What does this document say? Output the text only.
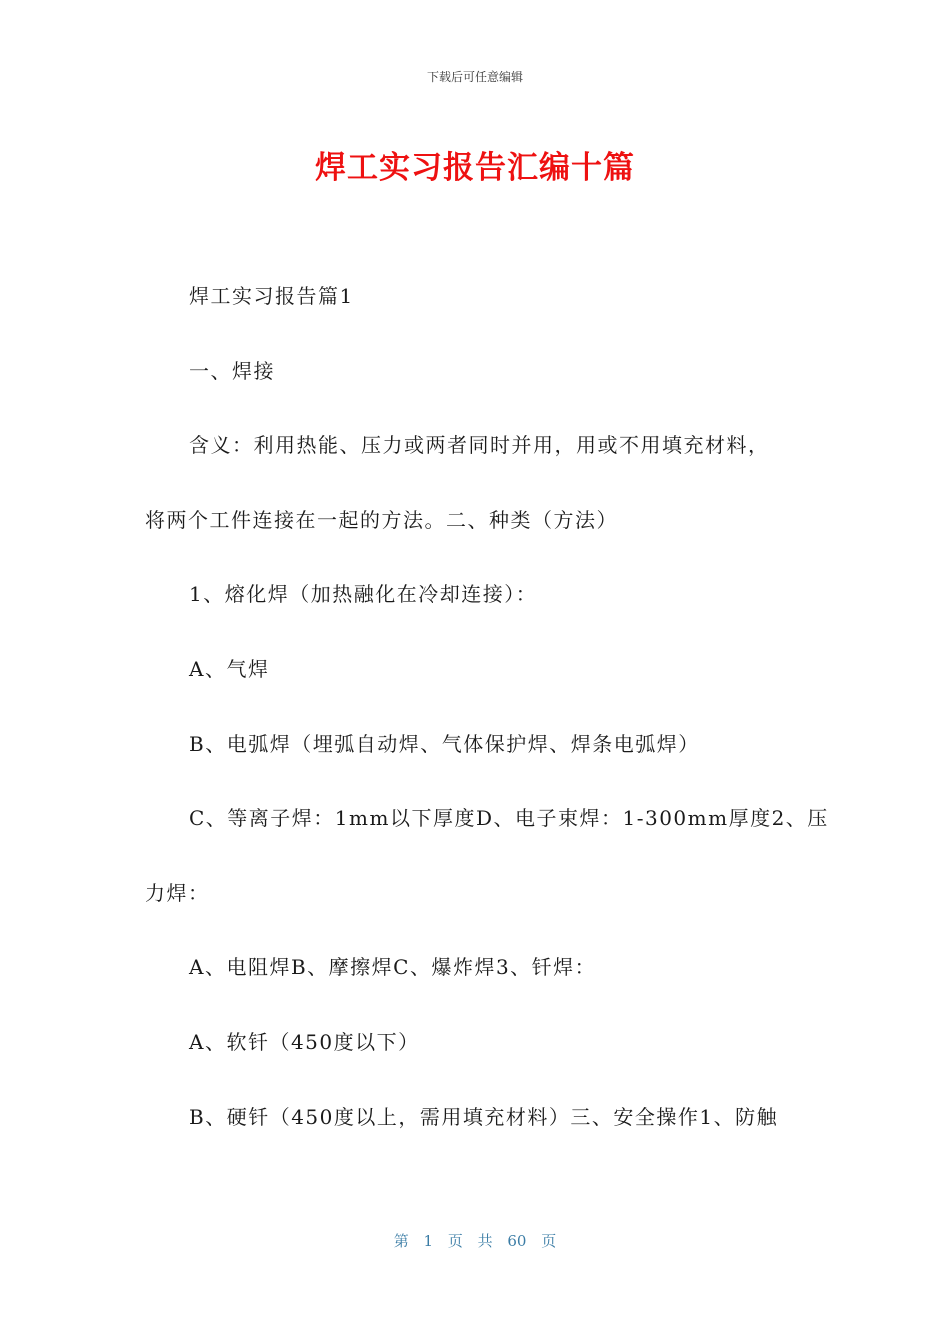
下载后可任意编辑
焊工实习报告汇编十篇

焊工实习报告篇1

一、焊接

含义：利用热能、压力或两者同时并用，用或不用填充材料，

将两个工件连接在一起的方法。二、种类（方法）

1、熔化焊（加热融化在冷却连接）：

A、气焊

B、电弧焊（埋弧自动焊、气体保护焊、焊条电弧焊）

C、等离子焊：1mm以下厚度D、电子束焊：1-300mm厚度2、压

力焊：

A、电阻焊B、摩擦焊C、爆炸焊3、钎焊：

A、软钎（450度以下）

B、硬钎（450度以上，需用填充材料）三、安全操作1、防触

第 1 页 共 60 页
